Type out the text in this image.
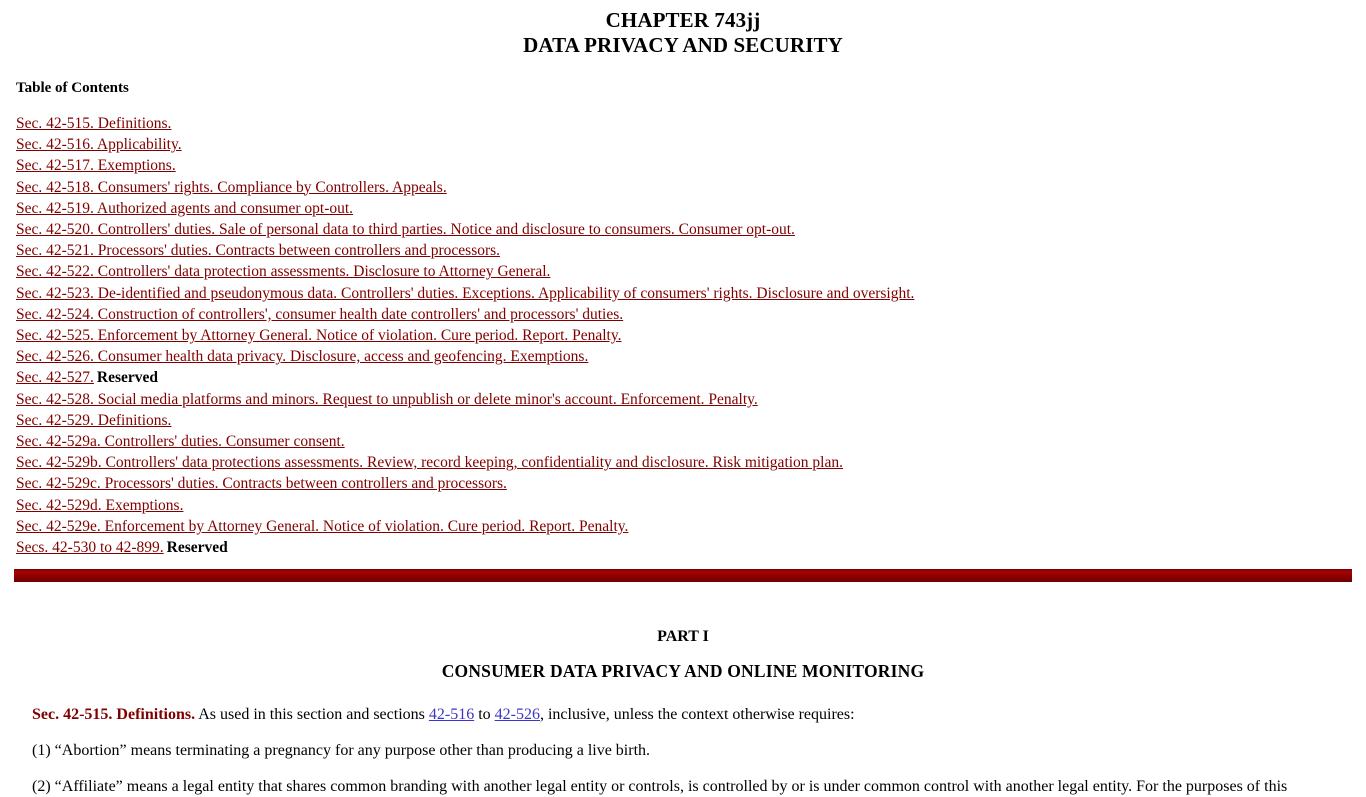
CHAPTER 743jj
DATA PRIVACY AND SECURITY
Table of Contents
Sec. 42-515. Definitions.
Sec. 42-516. Applicability.
Sec. 42-517. Exemptions.
Sec. 42-518. Consumers' rights. Compliance by Controllers. Appeals.
Sec. 42-519. Authorized agents and consumer opt-out.
Sec. 42-520. Controllers' duties. Sale of personal data to third parties. Notice and disclosure to consumers. Consumer opt-out.
Sec. 42-521. Processors' duties. Contracts between controllers and processors.
Sec. 42-522. Controllers' data protection assessments. Disclosure to Attorney General.
Sec. 42-523. De-identified and pseudonymous data. Controllers' duties. Exceptions. Applicability of consumers' rights. Disclosure and oversight.
Sec. 42-524. Construction of controllers', consumer health date controllers' and processors' duties.
Sec. 42-525. Enforcement by Attorney General. Notice of violation. Cure period. Report. Penalty.
Sec. 42-526. Consumer health data privacy. Disclosure, access and geofencing. Exemptions.
Sec. 42-527. Reserved
Sec. 42-528. Social media platforms and minors. Request to unpublish or delete minor's account. Enforcement. Penalty.
Sec. 42-529. Definitions.
Sec. 42-529a. Controllers' duties. Consumer consent.
Sec. 42-529b. Controllers' data protections assessments. Review, record keeping, confidentiality and disclosure. Risk mitigation plan.
Sec. 42-529c. Processors' duties. Contracts between controllers and processors.
Sec. 42-529d. Exemptions.
Sec. 42-529e. Enforcement by Attorney General. Notice of violation. Cure period. Report. Penalty.
Secs. 42-530 to 42-899. Reserved
PART I
CONSUMER DATA PRIVACY AND ONLINE MONITORING

Sec. 42-515. Definitions. As used in this section and sections 42-516 to 42-526, inclusive, unless the context otherwise requires:

(1) “Abortion” means terminating a pregnancy for any purpose other than producing a live birth.

(2) “Affiliate” means a legal entity that shares common branding with another legal entity or controls, is controlled by or is under common control with another legal entity. For the purposes of this
